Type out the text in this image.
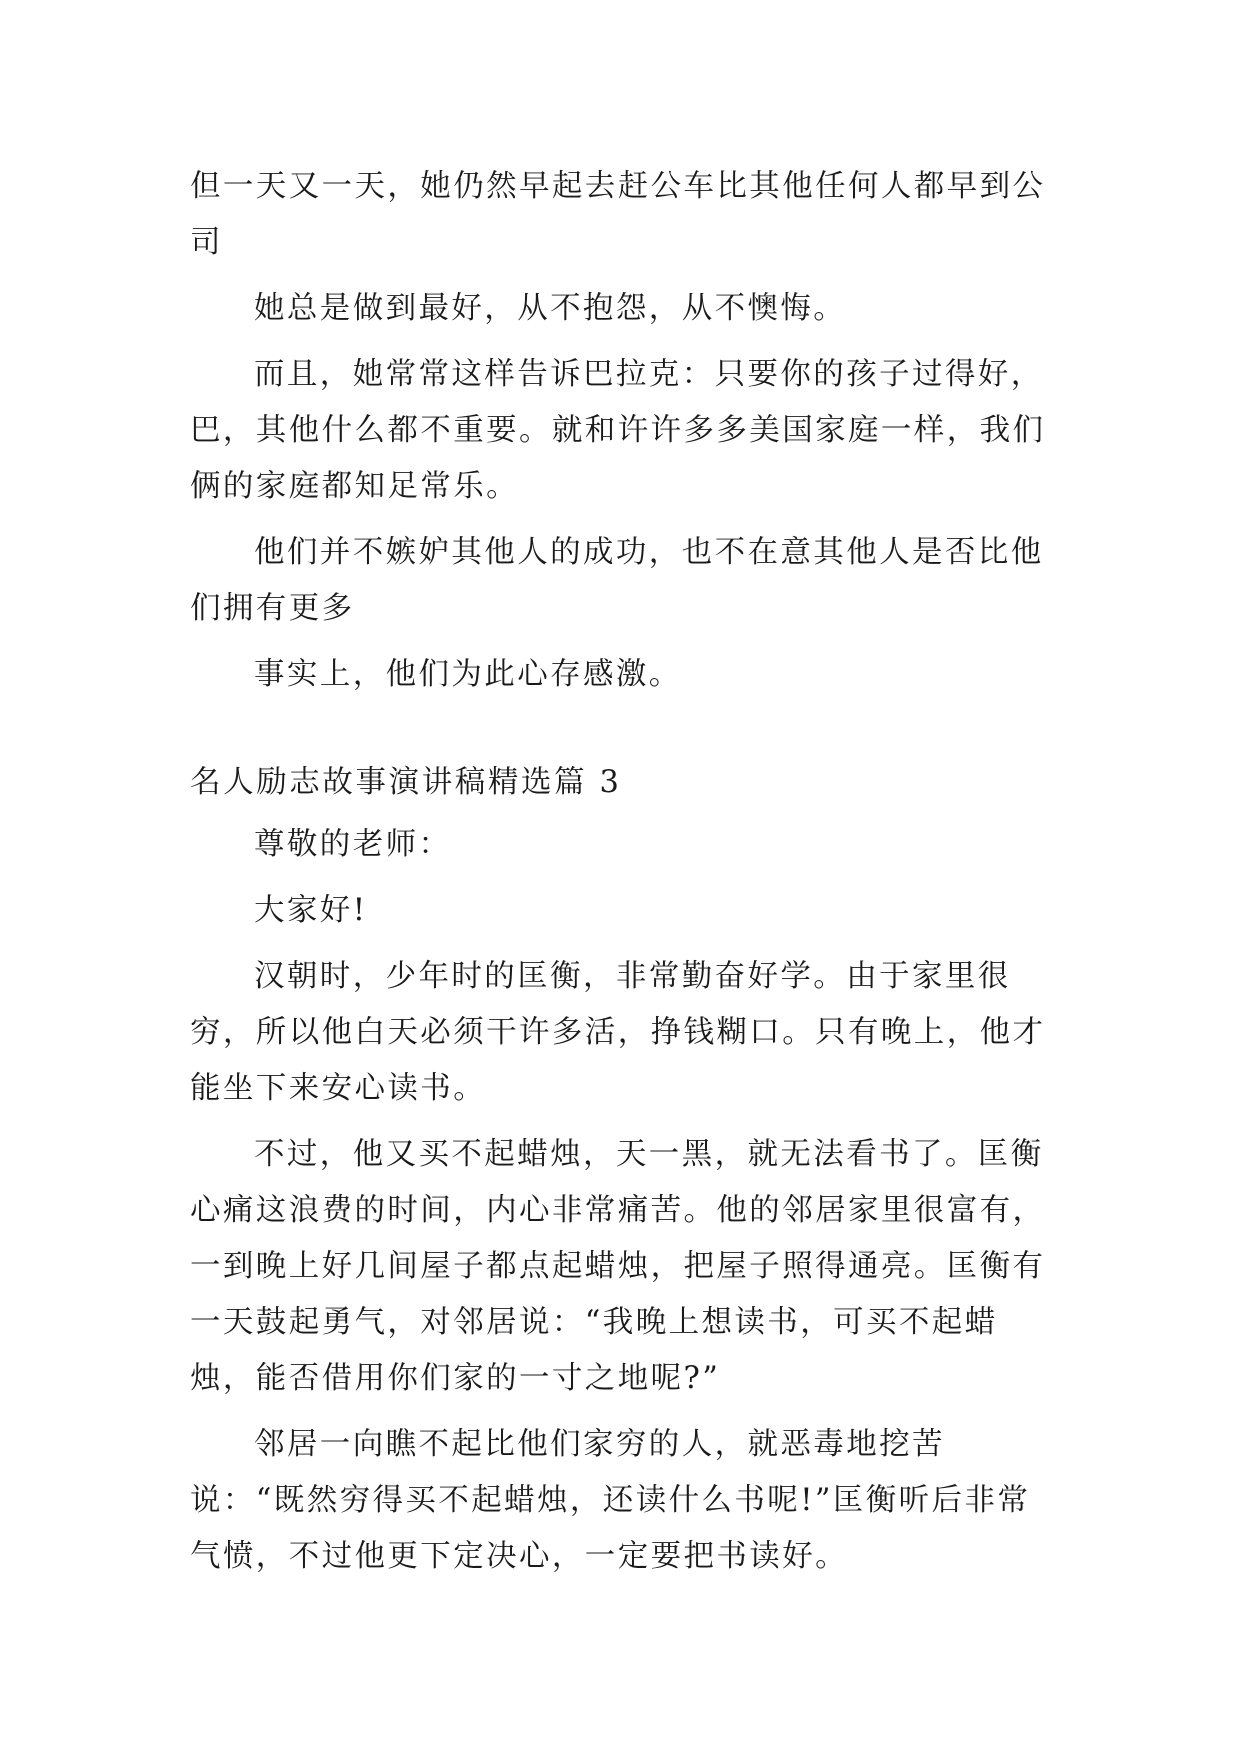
但一天又一天，她仍然早起去赶公车比其他任何人都早到公司

她总是做到最好，从不抱怨，从不懊悔。

而且，她常常这样告诉巴拉克：只要你的孩子过得好，巴，其他什么都不重要。就和许许多多美国家庭一样，我们俩的家庭都知足常乐。

他们并不嫉妒其他人的成功，也不在意其他人是否比他们拥有更多

事实上，他们为此心存感激。

名人励志故事演讲稿精选篇 3

尊敬的老师：

大家好!

汉朝时，少年时的匡衡，非常勤奋好学。由于家里很穷，所以他白天必须干许多活，挣钱糊口。只有晚上，他才能坐下来安心读书。

不过，他又买不起蜡烛，天一黑，就无法看书了。匡衡心痛这浪费的时间，内心非常痛苦。他的邻居家里很富有，一到晚上好几间屋子都点起蜡烛，把屋子照得通亮。匡衡有一天鼓起勇气，对邻居说：“我晚上想读书，可买不起蜡烛，能否借用你们家的一寸之地呢?”

邻居一向瞧不起比他们家穷的人，就恶毒地挖苦说：“既然穷得买不起蜡烛，还读什么书呢!”匡衡听后非常气愤，不过他更下定决心，一定要把书读好。
